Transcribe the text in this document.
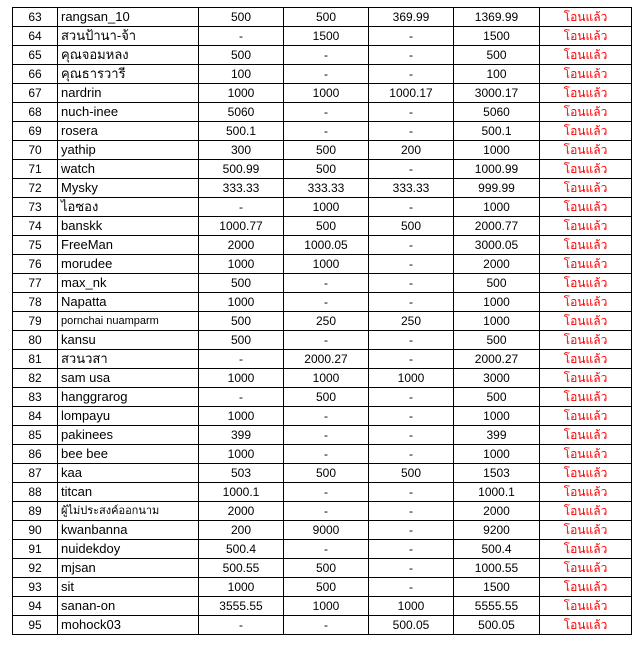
63	rangsan_10	500	500	369.99	1369.99	โอนแล้ว
64	สวนป้านา-จ้า	-	1500	-	1500	โอนแล้ว
65	คุณจอมหลง	500	-	-	500	โอนแล้ว
66	คุณธารวารี	100	-	-	100	โอนแล้ว
67	nardrin	1000	1000	1000.17	3000.17	โอนแล้ว
68	nuch-inee	5060	-	-	5060	โอนแล้ว
69	rosera	500.1	-	-	500.1	โอนแล้ว
70	yathip	300	500	200	1000	โอนแล้ว
71	watch	500.99	500	-	1000.99	โอนแล้ว
72	Mysky	333.33	333.33	333.33	999.99	โอนแล้ว
73	ไอซอง	-	1000	-	1000	โอนแล้ว
74	banskk	1000.77	500	500	2000.77	โอนแล้ว
75	FreeMan	2000	1000.05	-	3000.05	โอนแล้ว
76	morudee	1000	1000	-	2000	โอนแล้ว
77	max_nk	500	-	-	500	โอนแล้ว
78	Napatta	1000	-	-	1000	โอนแล้ว
79	pornchai nuamparm	500	250	250	1000	โอนแล้ว
80	kansu	500	-	-	500	โอนแล้ว
81	สวนวสา	-	2000.27	-	2000.27	โอนแล้ว
82	sam usa	1000	1000	1000	3000	โอนแล้ว
83	hanggrarog	-	500	-	500	โอนแล้ว
84	lompayu	1000	-	-	1000	โอนแล้ว
85	pakinees	399	-	-	399	โอนแล้ว
86	bee bee	1000	-	-	1000	โอนแล้ว
87	kaa	503	500	500	1503	โอนแล้ว
88	titcan	1000.1	-	-	1000.1	โอนแล้ว
89	ผู้ไม่ประสงค์ออกนาม	2000	-	-	2000	โอนแล้ว
90	kwanbanna	200	9000	-	9200	โอนแล้ว
91	nuidekdoy	500.4	-	-	500.4	โอนแล้ว
92	mjsan	500.55	500	-	1000.55	โอนแล้ว
93	sit	1000	500	-	1500	โอนแล้ว
94	sanan-on	3555.55	1000	1000	5555.55	โอนแล้ว
95	mohock03	-	-	500.05	500.05	โอนแล้ว
